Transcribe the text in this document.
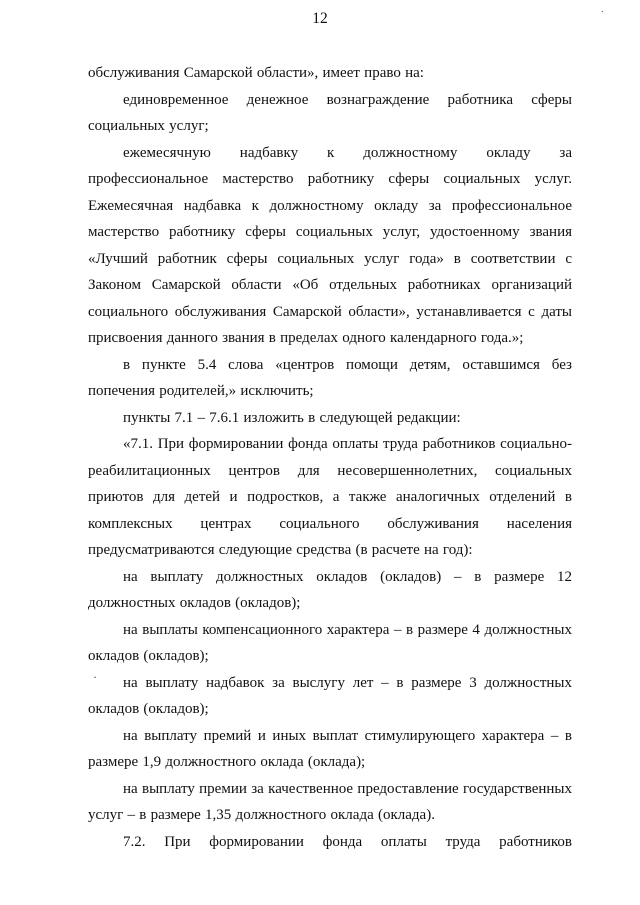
12	˙
·

обслуживания Самарской области», имеет право на:

единовременное денежное вознаграждение работника сферы социальных услуг;

ежемесячную надбавку к должностному окладу за профессиональное мастерство работнику сферы социальных услуг. Ежемесячная надбавка к должностному окладу за профессиональное мастерство работнику сферы социальных услуг, удостоенному звания «Лучший работник сферы социальных услуг года» в соответствии с Законом Самарской области «Об отдельных работниках организаций социального обслуживания Самарской области», устанавливается с даты присвоения данного звания в пределах одного календарного года.»;

в пункте 5.4 слова «центров помощи детям, оставшимся без попечения родителей,» исключить;

пункты 7.1 – 7.6.1 изложить в следующей редакции:

«7.1. При формировании фонда оплаты труда работников социально-реабилитационных центров для несовершеннолетних, социальных приютов для детей и подростков, а также аналогичных отделений в комплексных центрах социального обслуживания населения предусматриваются следующие средства (в расчете на год):

на выплату должностных окладов (окладов) – в размере 12 должностных окладов (окладов);

на выплаты компенсационного характера – в размере 4 должностных окладов (окладов);

на выплату надбавок за выслугу лет – в размере 3 должностных окладов (окладов);

на выплату премий и иных выплат стимулирующего характера – в размере 1,9 должностного оклада (оклада);

на выплату премии за качественное предоставление государственных услуг – в размере 1,35 должностного оклада (оклада).

7.2. При формировании фонда оплаты труда работников
